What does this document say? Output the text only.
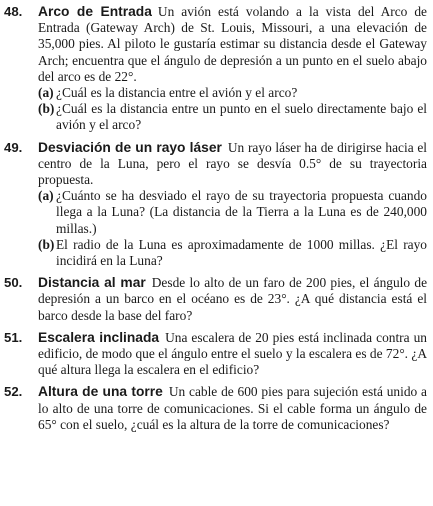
48.	Arco de Entrada Un avión está volando a la vista del Arco de Entrada (Gateway Arch) de St. Louis, Missouri, a una elevación de 35,000 pies. Al piloto le gustaría estimar su distancia desde el Gateway Arch; encuentra que el ángulo de depresión a un punto en el suelo abajo del arco es de 22°.
(a) ¿Cuál es la distancia entre el avión y el arco?
(b) ¿Cuál es la distancia entre un punto en el suelo directamente bajo el avión y el arco?
49.	Desviación de un rayo láser Un rayo láser ha de dirigirse hacia el centro de la Luna, pero el rayo se desvía 0.5° de su trayectoria propuesta.
(a) ¿Cuánto se ha desviado el rayo de su trayectoria propuesta cuando llega a la Luna? (La distancia de la Tierra a la Luna es de 240,000 millas.)
(b) El radio de la Luna es aproximadamente de 1000 millas. ¿El rayo incidirá en la Luna?
50.	Distancia al mar Desde lo alto de un faro de 200 pies, el ángulo de depresión a un barco en el océano es de 23°. ¿A qué distancia está el barco desde la base del faro?
51.	Escalera inclinada Una escalera de 20 pies está inclinada contra un edificio, de modo que el ángulo entre el suelo y la escalera es de 72°. ¿A qué altura llega la escalera en el edificio?
52.	Altura de una torre Un cable de 600 pies para sujeción está unido a lo alto de una torre de comunicaciones. Si el cable forma un ángulo de 65° con el suelo, ¿cuál es la altura de la torre de comunicaciones?
